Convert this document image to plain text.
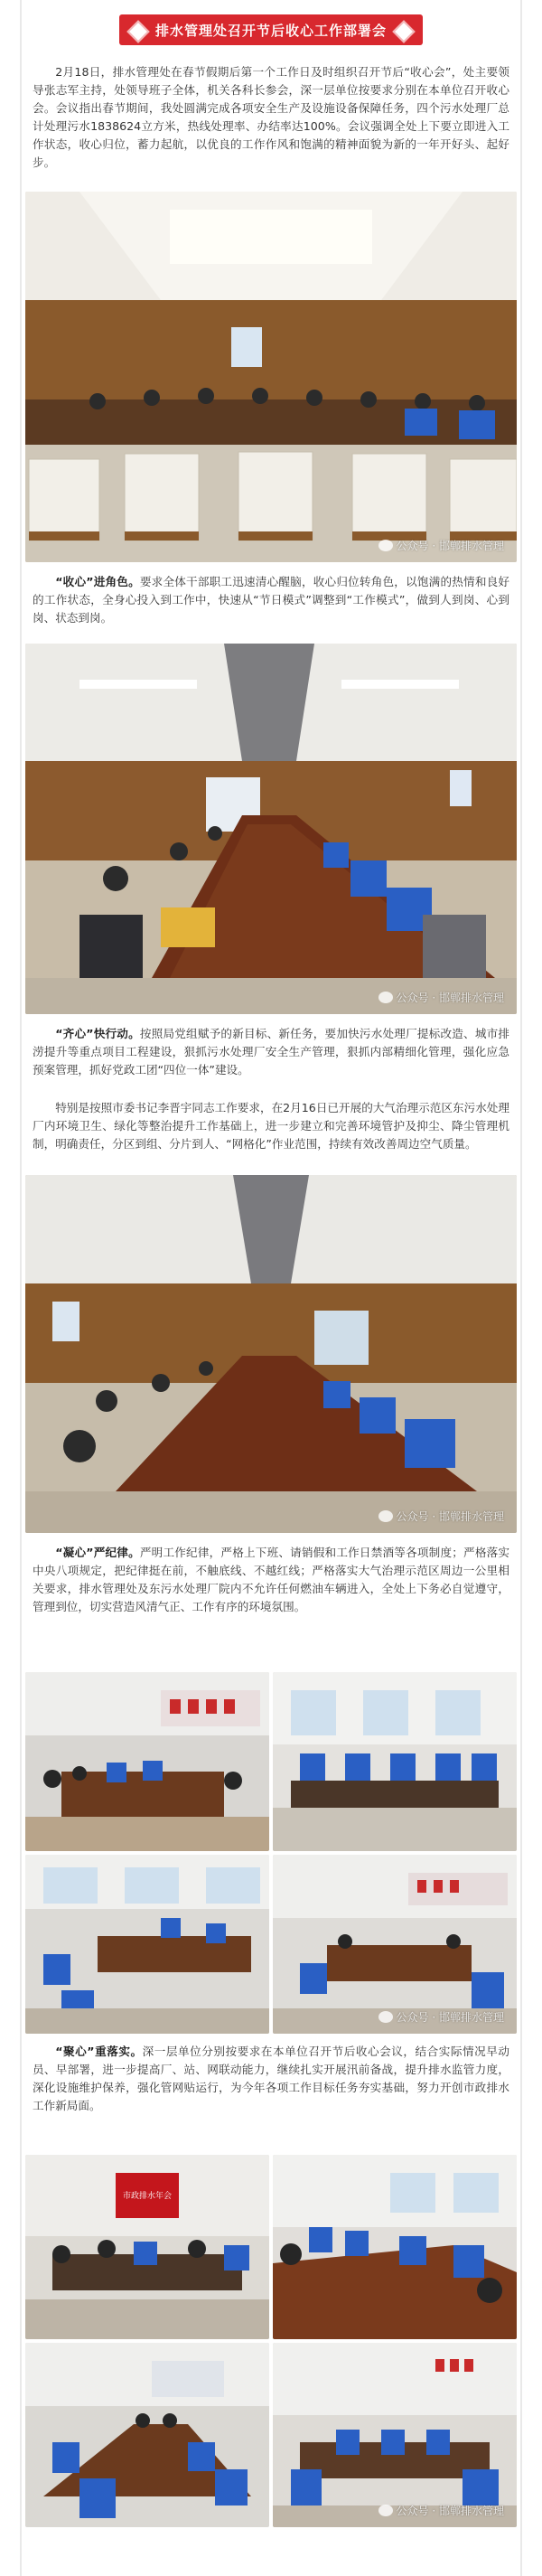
排水管理处召开节后收心工作部署会

2月18日，排水管理处在春节假期后第一个工作日及时组织召开节后“收心会”，处主要领导张志军主持，处领导班子全体，机关各科长参会，深一层单位按要求分别在本单位召开收心会。会议指出春节期间，我处圆满完成各项安全生产及设施设备保障任务，四个污水处理厂总计处理污水1838624立方米，热线处理率、办结率达100%。会议强调全处上下要立即进入工作状态，收心归位，蓄力起航，以优良的工作作风和饱满的精神面貌为新的一年开好头、起好步。

公众号 · 邯郸排水管理

“收心”进角色。要求全体干部职工迅速清心醒脑，收心归位转角色，以饱满的热情和良好的工作状态，全身心投入到工作中，快速从“节日模式”调整到“工作模式”，做到人到岗、心到岗、状态到岗。

公众号 · 邯郸排水管理

“齐心”快行动。按照局党组赋予的新目标、新任务，要加快污水处理厂提标改造、城市排涝提升等重点项目工程建设，狠抓污水处理厂安全生产管理，狠抓内部精细化管理，强化应急预案管理，抓好党政工团“四位一体”建设。

特别是按照市委书记李晋宇同志工作要求，在2月16日已开展的大气治理示范区东污水处理厂内环境卫生、绿化等整治提升工作基础上，进一步建立和完善环境管护及抑尘、降尘管理机制，明确责任，分区到组、分片到人、“网格化”作业范围，持续有效改善周边空气质量。

公众号 · 邯郸排水管理

“凝心”严纪律。严明工作纪律，严格上下班、请销假和工作日禁酒等各项制度；严格落实中央八项规定，把纪律挺在前，不触底线、不越红线；严格落实大气治理示范区周边一公里相关要求，排水管理处及东污水处理厂院内不允许任何燃油车辆进入，全处上下务必自觉遵守，管理到位，切实营造风清气正、工作有序的环境氛围。

公众号 · 邯郸排水管理

“聚心”重落实。深一层单位分别按要求在本单位召开节后收心会议，结合实际情况早动员、早部署，进一步提高厂、站、网联动能力，继续扎实开展汛前备战，提升排水监管力度，深化设施维护保养，强化管网贴运行，为今年各项工作目标任务夯实基础，努力开创市政排水工作新局面。

市政排水年会
公众号 · 邯郸排水管理
